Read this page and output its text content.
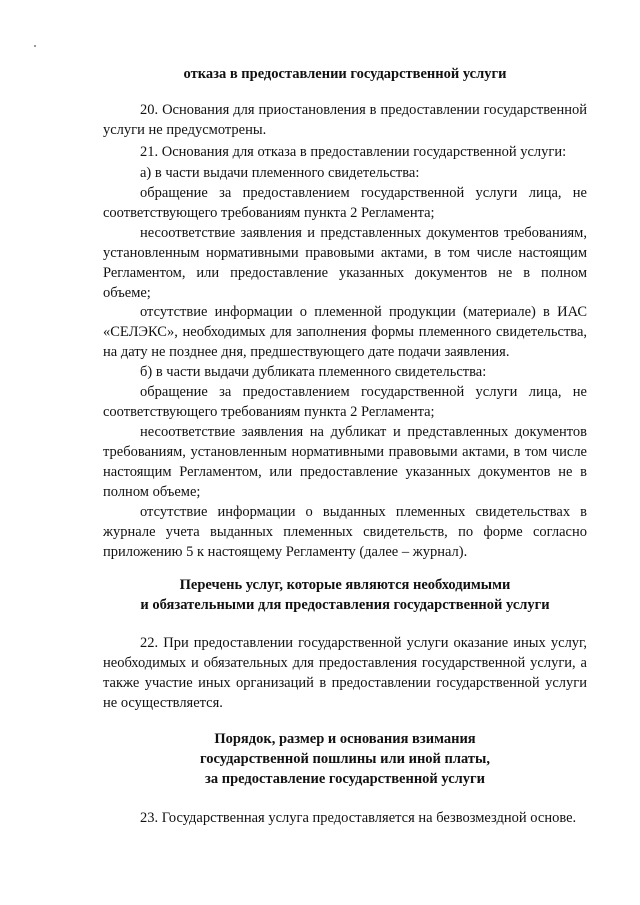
отказа в предоставлении государственной услуги
20. Основания для приостановления в предоставлении государственной
услуги не предусмотрены.
21. Основания для отказа в предоставлении государственной услуги:
а) в части выдачи племенного свидетельства:
обращение за предоставлением государственной услуги лица, не
соответствующего требованиям пункта 2 Регламента;
несоответствие заявления и представленных документов требованиям,
установленным нормативными правовыми актами, в том числе настоящим
Регламентом, или предоставление указанных документов не в полном
объеме;
отсутствие информации о племенной продукции (материале) в ИАС
«СЕЛЭКС», необходимых для заполнения формы племенного свидетельства,
на дату не позднее дня, предшествующего дате подачи заявления.
б) в части выдачи дубликата племенного свидетельства:
обращение за предоставлением государственной услуги лица, не
соответствующего требованиям пункта 2 Регламента;
несоответствие заявления на дубликат и представленных документов
требованиям, установленным нормативными правовыми актами, в том числе
настоящим Регламентом, или предоставление указанных документов не в
полном объеме;
отсутствие информации о выданных племенных свидетельствах в
журнале учета выданных племенных свидетельств, по форме согласно
приложению 5 к настоящему Регламенту (далее – журнал).
Перечень услуг, которые являются необходимыми
и обязательными для предоставления государственной услуги
22. При предоставлении государственной услуги оказание иных услуг,
необходимых и обязательных для предоставления государственной услуги, а
также участие иных организаций в предоставлении государственной услуги
не осуществляется.
Порядок, размер и основания взимания
государственной пошлины или иной платы,
за предоставление государственной услуги
23. Государственная услуга предоставляется на безвозмездной основе.
